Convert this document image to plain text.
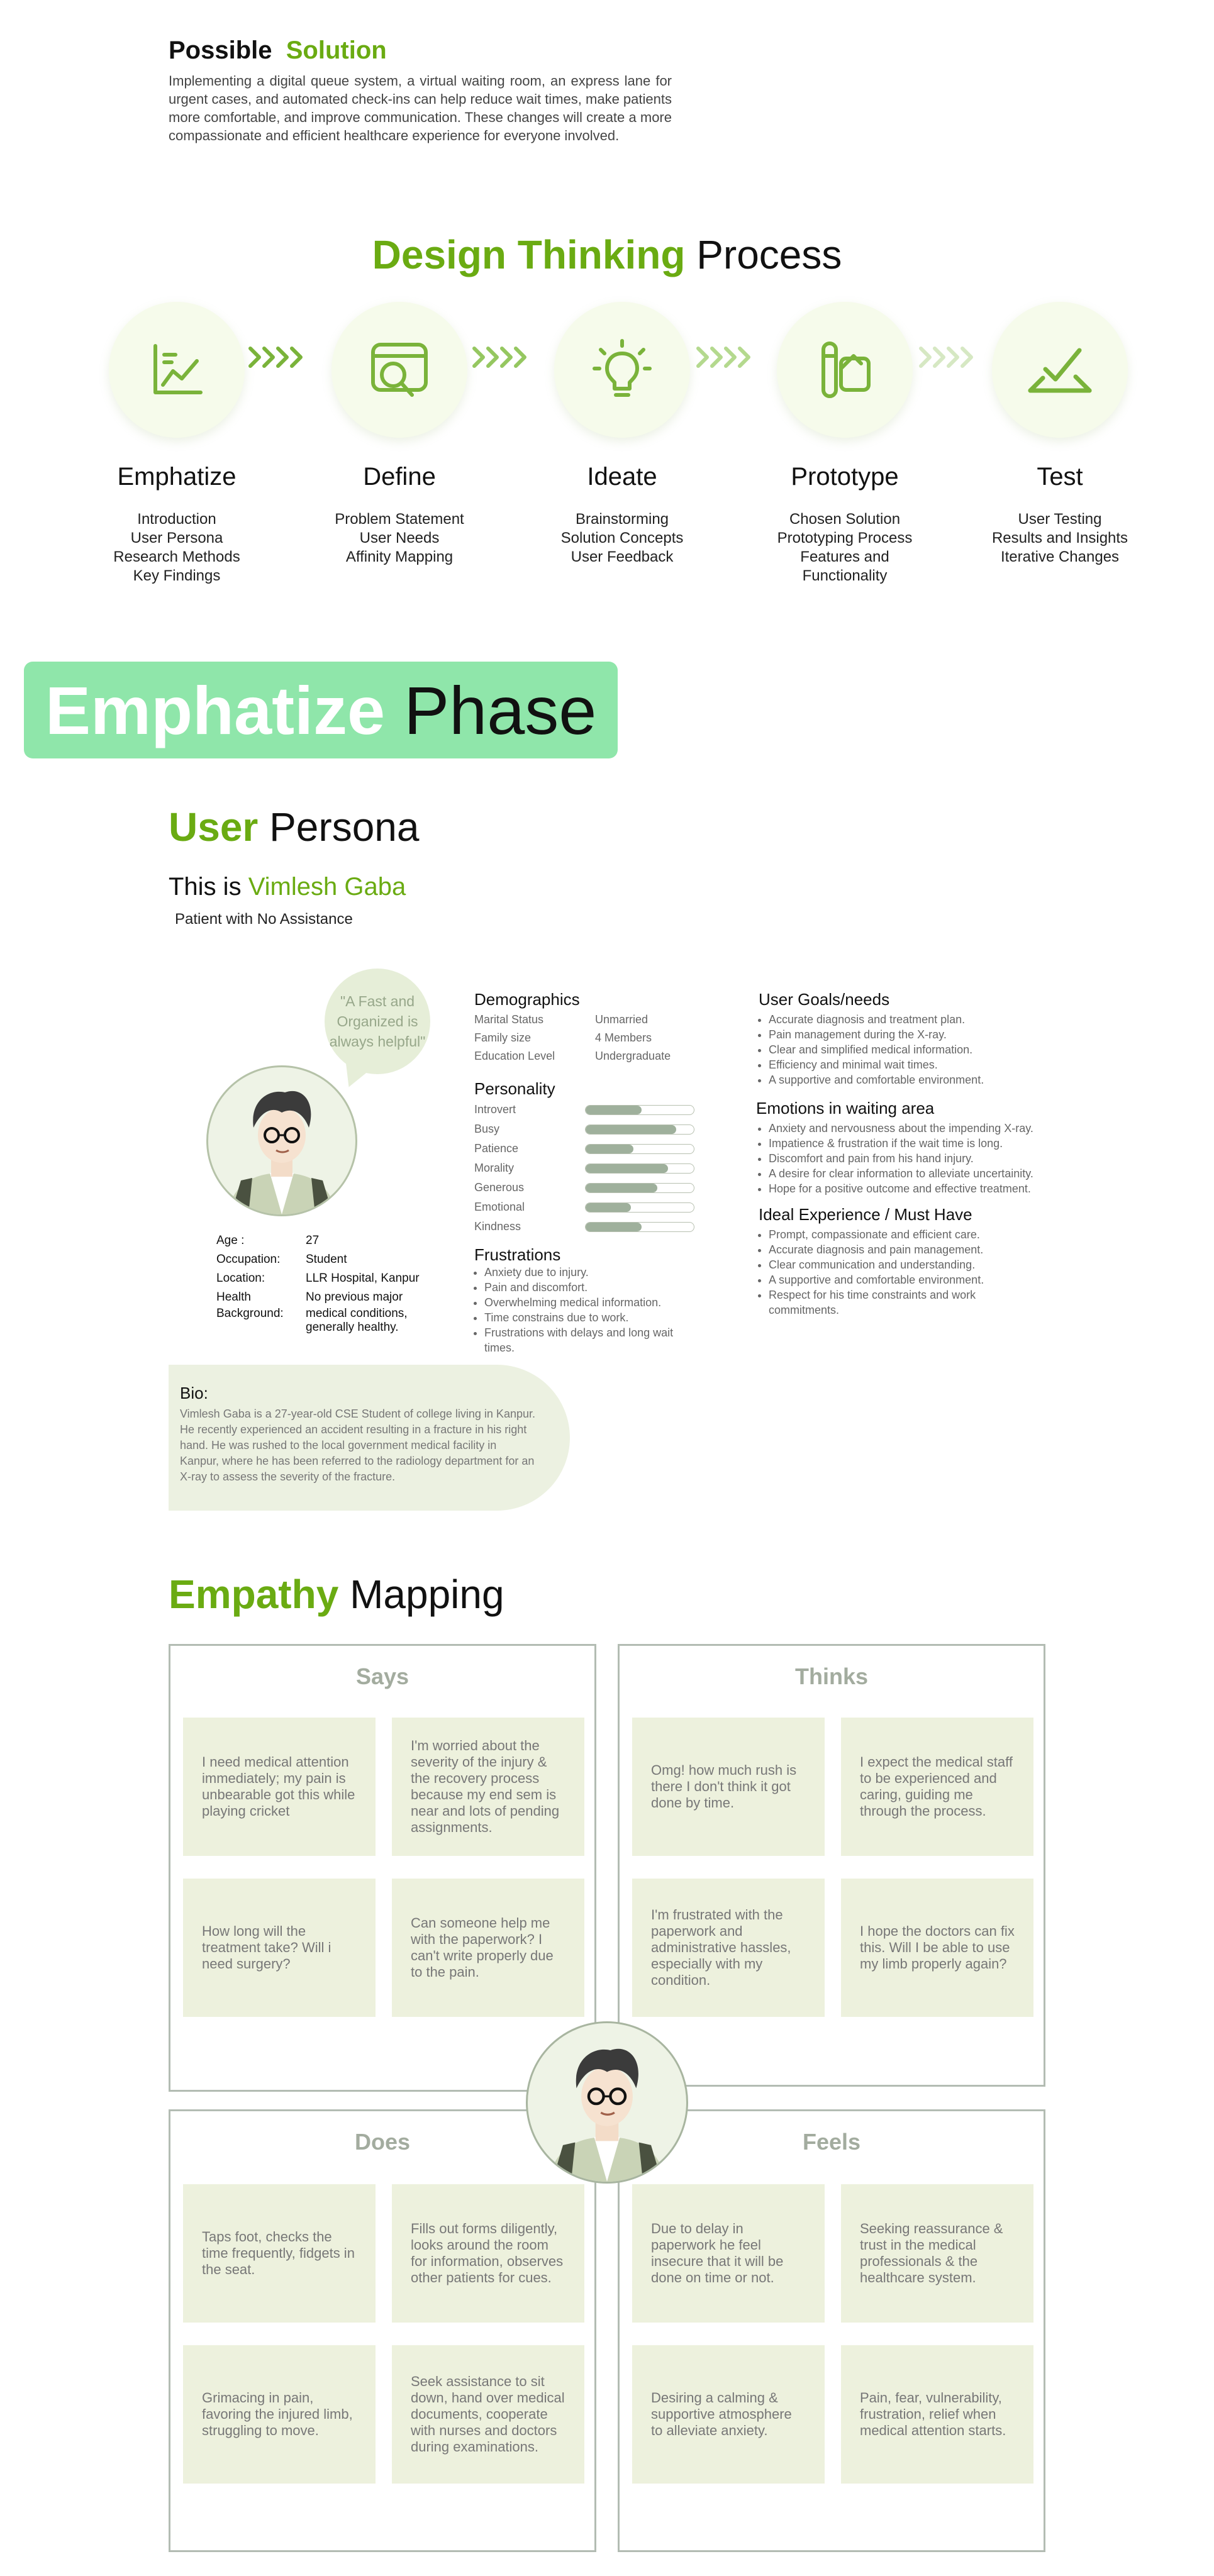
Possible Solution
Implementing a digital queue system, a virtual waiting room, an express lane for urgent cases, and automated check-ins can help reduce wait times, make patients more comfortable, and improve communication. These changes will create a more compassionate and efficient healthcare experience for everyone involved.
Design Thinking Process
Emphatize
Introduction
User Persona
Research Methods
Key Findings
Define
Problem Statement
User Needs
Affinity Mapping
Ideate
Brainstorming
Solution Concepts
User Feedback
Prototype
Chosen Solution
Prototyping Process
Features and
Functionality
Test
User Testing
Results and Insights
Iterative Changes
Emphatize Phase
User Persona
This is Vimlesh Gaba
Patient with No Assistance
"A Fast and Organized is always helpful"
Age :	27
Occupation:	Student
Location:	LLR Hospital, Kanpur
Health	No previous major
Background:	medical conditions,
generally healthy.
Demographics
Marital Status	Unmarried
Family size	4 Members
Education Level	Undergraduate
Personality
Introvert
Busy
Patience
Morality
Generous
Emotional
Kindness
Frustrations
• Anxiety due to injury.
• Pain and discomfort.
• Overwhelming medical information.
• Time constrains due to work.
• Frustrations with delays and long wait times.
User Goals/needs
• Accurate diagnosis and treatment plan.
• Pain management during the X-ray.
• Clear and simplified medical information.
• Efficiency and minimal wait times.
• A supportive and comfortable environment.
Emotions in waiting area
• Anxiety and nervousness about the impending X-ray.
• Impatience & frustration if the wait time is long.
• Discomfort and pain from his hand injury.
• A desire for clear information to alleviate uncertainity.
• Hope for a positive outcome and effective treatment.
Ideal Experience / Must Have
• Prompt, compassionate and efficient care.
• Accurate diagnosis and pain management.
• Clear communication and understanding.
• A supportive and comfortable environment.
• Respect for his time constraints and work commitments.
Bio:

Vimlesh Gaba is a 27-year-old CSE Student of college living in Kanpur. He recently experienced an accident resulting in a fracture in his right hand. He was rushed to the local government medical facility in Kanpur, where he has been referred to the radiology department for an X-ray to assess the severity of the fracture.

Empathy Mapping
Says
I need medical attention immediately; my pain is unbearable got this while playing cricket
I'm worried about the severity of the injury & the recovery process because my end sem is near and lots of pending assignments.
How long will the treatment take? Will i need surgery?
Can someone help me with the paperwork? I can't write properly due to the pain.
Thinks
Omg! how much rush is there I don't think it got done by time.
I expect the medical staff to be experienced and caring, guiding me through the process.
I'm frustrated with the paperwork and administrative hassles, especially with my condition.
I hope the doctors can fix this. Will I be able to use my limb properly again?
Does
Taps foot, checks the time frequently, fidgets in the seat.
Fills out forms diligently, looks around the room for information, observes other patients for cues.
Grimacing in pain, favoring the injured limb, struggling to move.
Seek assistance to sit down, hand over medical documents, cooperate with nurses and doctors during examinations.
Feels
Due to delay in paperwork he feel insecure that it will be done on time or not.
Seeking reassurance & trust in the medical professionals & the healthcare system.
Desiring a calming & supportive atmosphere to alleviate anxiety.
Pain, fear, vulnerability, frustration, relief when medical attention starts.
